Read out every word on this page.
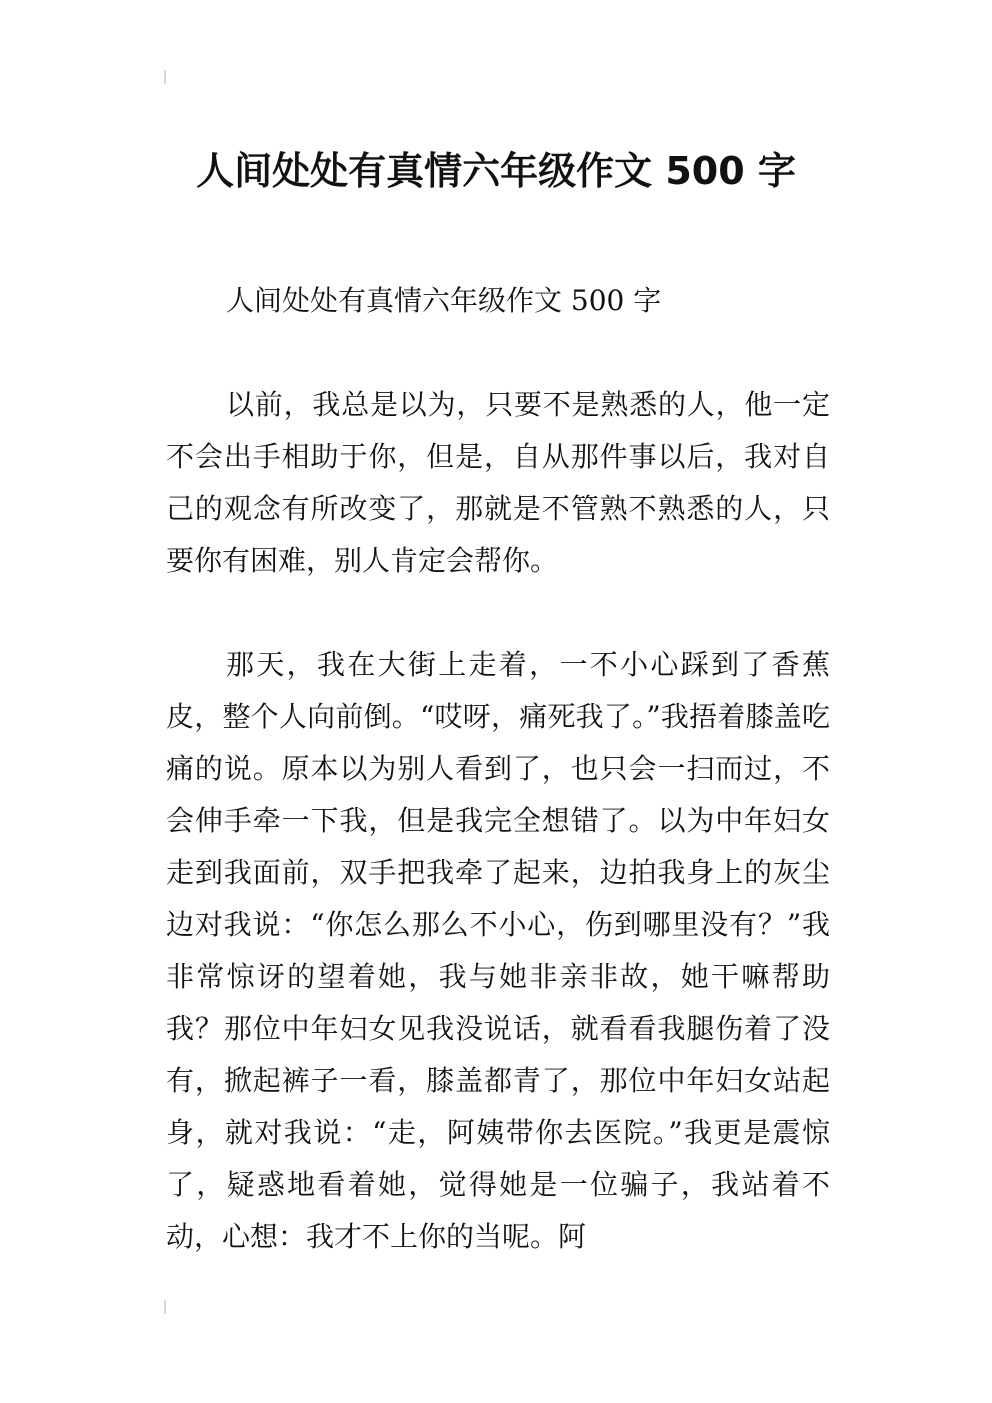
人间处处有真情六年级作文 500 字

人间处处有真情六年级作文 500 字

以前，我总是以为，只要不是熟悉的人，他一定不会出手相助于你，但是，自从那件事以后，我对自己的观念有所改变了，那就是不管熟不熟悉的人，只要你有困难，别人肯定会帮你。

那天，我在大街上走着，一不小心踩到了香蕉皮，整个人向前倒。“哎呀，痛死我了。”我捂着膝盖吃痛的说。原本以为别人看到了，也只会一扫而过，不会伸手牵一下我，但是我完全想错了。以为中年妇女走到我面前，双手把我牵了起来，边拍我身上的灰尘边对我说：“你怎么那么不小心，伤到哪里没有？”我非常惊讶的望着她，我与她非亲非故，她干嘛帮助我？那位中年妇女见我没说话，就看看我腿伤着了没有，掀起裤子一看，膝盖都青了，那位中年妇女站起身，就对我说：“走，阿姨带你去医院。”我更是震惊了，疑惑地看着她，觉得她是一位骗子，我站着不动，心想：我才不上你的当呢。阿
